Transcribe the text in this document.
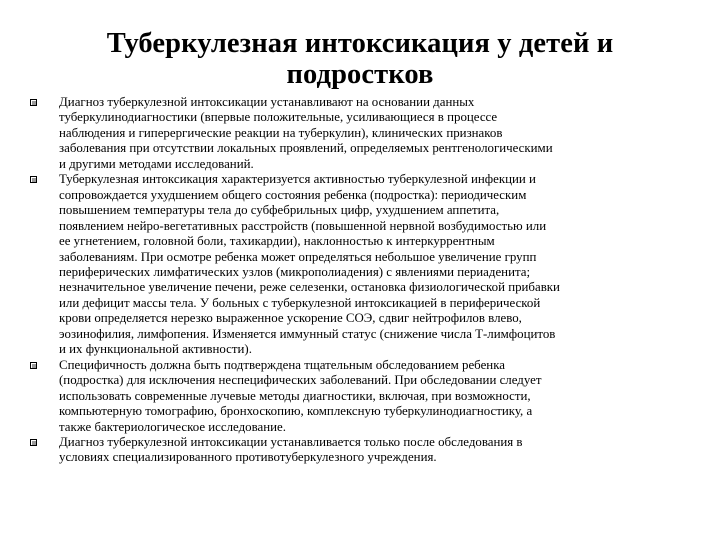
Туберкулезная интоксикация у детей и подростков
Диагноз туберкулезной интоксикации устанавливают на основании данных
туберкулинодиагностики (впервые положительные, усиливающиеся в процессе
наблюдения и гиперергические реакции на туберкулин), клинических признаков
заболевания при отсутствии локальных проявлений, определяемых рентгенологическими
и другими методами исследований.
Туберкулезная интоксикация характеризуется активностью туберкулезной инфекции и
сопровождается ухудшением общего состояния ребенка (подростка): периодическим
повышением температуры тела до субфебрильных цифр, ухудшением аппетита,
появлением нейро-вегетативных расстройств (повышенной нервной возбудимостью или
ее угнетением, головной боли, тахикардии), наклонностью к интеркуррентным
заболеваниям. При осмотре ребенка может определяться небольшое увеличение групп
периферических лимфатических узлов (микрополиадения) с явлениями периаденита;
незначительное увеличение печени, реже селезенки, остановка физиологической прибавки
или дефицит массы тела. У больных с туберкулезной интоксикацией в периферической
крови определяется нерезко выраженное ускорение СОЭ, сдвиг нейтрофилов влево,
эозинофилия, лимфопения. Изменяется иммунный статус (снижение числа Т-лимфоцитов
и их функциональной активности).
Специфичность должна быть подтверждена тщательным обследованием ребенка
(подростка) для исключения неспецифических заболеваний. При обследовании следует
использовать современные лучевые методы диагностики, включая, при возможности,
компьютерную томографию, бронхоскопию, комплексную туберкулинодиагностику, а
также бактериологическое исследование.
Диагноз туберкулезной интоксикации устанавливается только после обследования в
условиях специализированного противотуберкулезного учреждения.
